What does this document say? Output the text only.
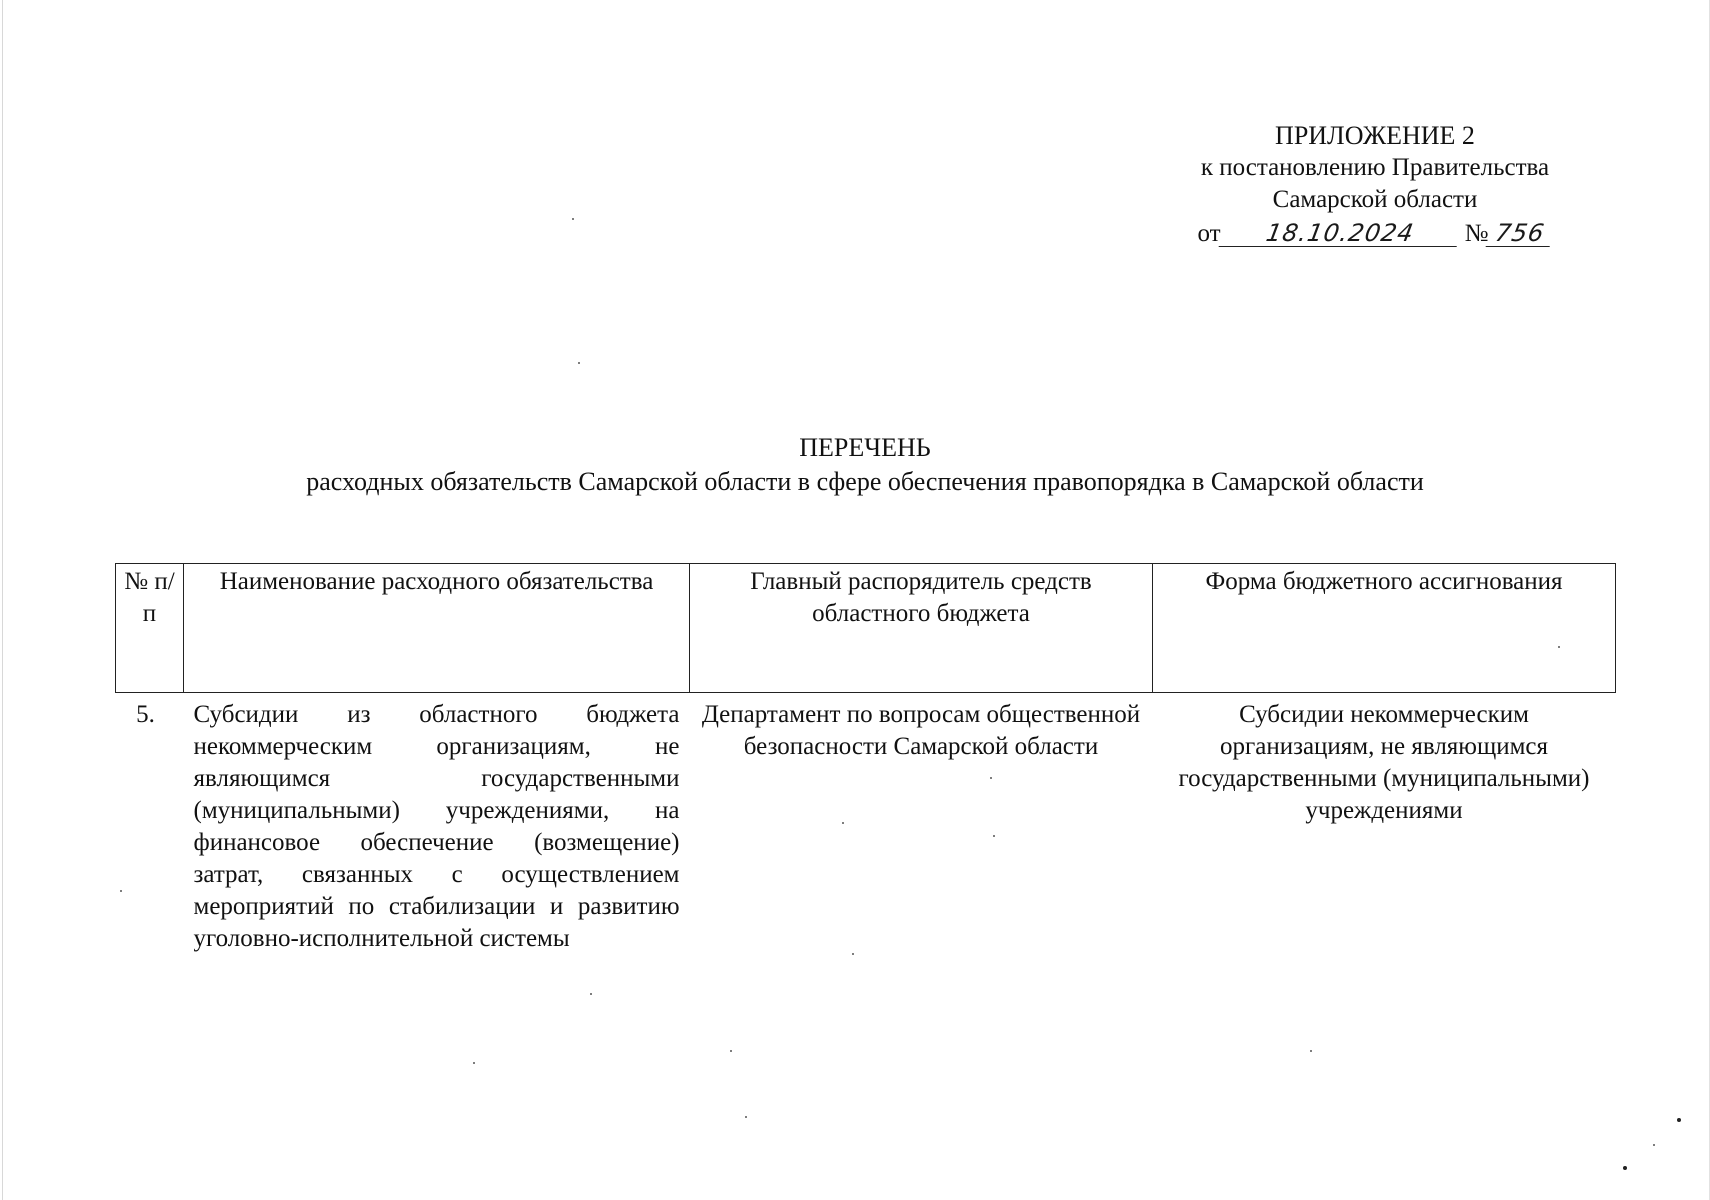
ПРИЛОЖЕНИЕ 2
к постановлению Правительства
Самарской области
от 18.10.2024 № 756
ПЕРЕЧЕНЬ
расходных обязательств Самарской области в сфере обеспечения правопорядка в Самарской области
№ п/п	Наименование расходного обязательства	Главный распорядитель средств областного бюджета	Форма бюджетного ассигнования
5.	Субсидии из областного бюджета некоммерческим организациям, не являющимся государственными (муниципальными) учреждениями, на финансовое обеспечение (возмещение) затрат, связанных с осуществлением мероприятий по стабилизации и развитию уголовно-исполнительной системы	Департамент по вопросам общественной безопасности Самарской области	Субсидии некоммерческим организациям, не являющимся государственными (муниципальными) учреждениями
